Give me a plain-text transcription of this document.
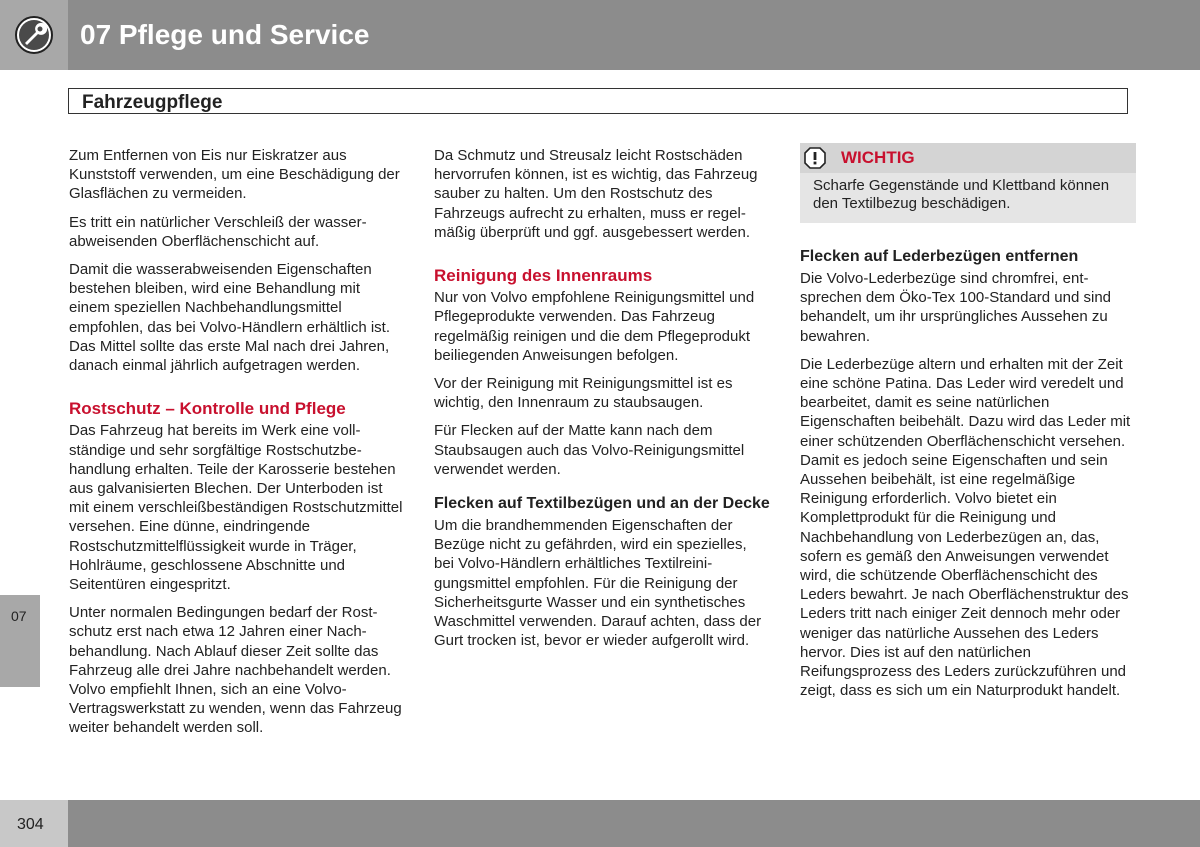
07 Pflege und Service
Fahrzeugpflege

Zum Entfernen von Eis nur Eiskratzer aus Kunststoff verwenden, um eine Beschädigung der Glasflächen zu vermeiden.

Es tritt ein natürlicher Verschleiß der wasserabweisenden Oberflächenschicht auf.

Damit die wasserabweisenden Eigenschaften bestehen bleiben, wird eine Behandlung mit einem speziellen Nachbehandlungsmittel empfohlen, das bei Volvo-Händlern erhältlich ist. Das Mittel sollte das erste Mal nach drei Jahren, danach einmal jährlich aufgetragen werden.

Rostschutz – Kontrolle und Pflege

Das Fahrzeug hat bereits im Werk eine vollständige und sehr sorgfältige Rostschutzbehandlung erhalten. Teile der Karosserie bestehen aus galvanisierten Blechen. Der Unterboden ist mit einem verschleißbeständigen Rostschutzmittel versehen. Eine dünne, eindringende Rostschutzmittelflüssigkeit wurde in Träger, Hohlräume, geschlossene Abschnitte und Seitentüren eingespritzt.

Unter normalen Bedingungen bedarf der Rostschutz erst nach etwa 12 Jahren einer Nachbehandlung. Nach Ablauf dieser Zeit sollte das Fahrzeug alle drei Jahre nachbehandelt werden. Volvo empfiehlt Ihnen, sich an eine Volvo-Vertragswerkstatt zu wenden, wenn das Fahrzeug weiter behandelt werden soll.

Da Schmutz und Streusalz leicht Rostschäden hervorrufen können, ist es wichtig, das Fahrzeug sauber zu halten. Um den Rostschutz des Fahrzeugs aufrecht zu erhalten, muss er regelmäßig überprüft und ggf. ausgebessert werden.

Reinigung des Innenraums

Nur von Volvo empfohlene Reinigungsmittel und Pflegeprodukte verwenden. Das Fahrzeug regelmäßig reinigen und die dem Pflegeprodukt beiliegenden Anweisungen befolgen.

Vor der Reinigung mit Reinigungsmittel ist es wichtig, den Innenraum zu staubsaugen.

Für Flecken auf der Matte kann nach dem Staubsaugen auch das Volvo-Reinigungsmittel verwendet werden.

Flecken auf Textilbezügen und an der Decke

Um die brandhemmenden Eigenschaften der Bezüge nicht zu gefährden, wird ein spezielles, bei Volvo-Händlern erhältliches Textilreinigungsmittel empfohlen. Für die Reinigung der Sicherheitsgurte Wasser und ein synthetisches Waschmittel verwenden. Darauf achten, dass der Gurt trocken ist, bevor er wieder aufgerollt wird.

WICHTIG
Scharfe Gegenstände und Klettband können den Textilbezug beschädigen.
Flecken auf Lederbezügen entfernen

Die Volvo-Lederbezüge sind chromfrei, entsprechen dem Öko-Tex 100-Standard und sind behandelt, um ihr ursprüngliches Aussehen zu bewahren.

Die Lederbezüge altern und erhalten mit der Zeit eine schöne Patina. Das Leder wird veredelt und bearbeitet, damit es seine natürlichen Eigenschaften beibehält. Dazu wird das Leder mit einer schützenden Oberflächenschicht versehen. Damit es jedoch seine Eigenschaften und sein Aussehen beibehält, ist eine regelmäßige Reinigung erforderlich. Volvo bietet ein Komplettprodukt für die Reinigung und Nachbehandlung von Lederbezügen an, das, sofern es gemäß den Anweisungen verwendet wird, die schützende Oberflächenschicht des Leders bewahrt. Je nach Oberflächenstruktur des Leders tritt nach einiger Zeit dennoch mehr oder weniger das natürliche Aussehen des Leders hervor. Dies ist auf den natürlichen Reifungsprozess des Leders zurückzuführen und zeigt, dass es sich um ein Naturprodukt handelt.

07
304
